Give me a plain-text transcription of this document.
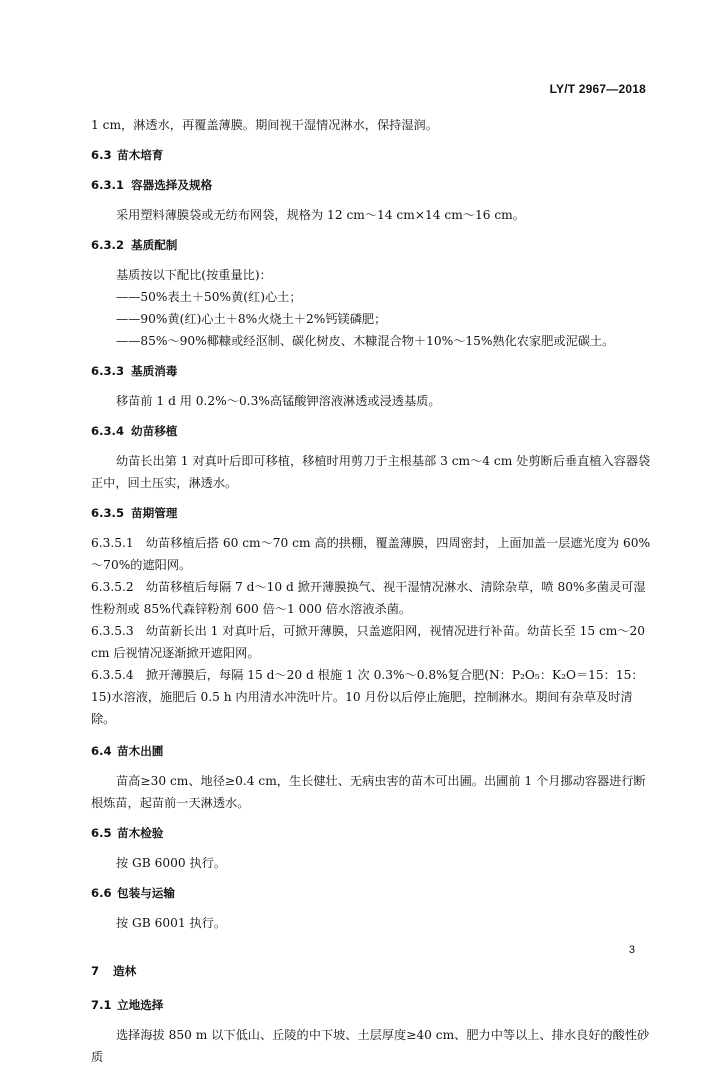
LY/T 2967—2018

1 cm，淋透水，再覆盖薄膜。期间视干湿情况淋水，保持湿润。

6.3 苗木培育

6.3.1 容器选择及规格

采用塑料薄膜袋或无纺布网袋，规格为 12 cm～14 cm×14 cm～16 cm。

6.3.2 基质配制

基质按以下配比(按重量比)：

——50%表土＋50%黄(红)心土；

——90%黄(红)心土＋8%火烧土＋2%钙镁磷肥；

——85%～90%椰糠或经沤制、碳化树皮、木糠混合物＋10%～15%熟化农家肥或泥碳土。

6.3.3 基质消毒

移苗前 1 d 用 0.2%～0.3%高锰酸钾溶液淋透或浸透基质。

6.3.4 幼苗移植

幼苗长出第 1 对真叶后即可移植，移植时用剪刀于主根基部 3 cm～4 cm 处剪断后垂直植入容器袋正中，回土压实，淋透水。

6.3.5 苗期管理

6.3.5.1　幼苗移植后搭 60 cm～70 cm 高的拱棚，覆盖薄膜，四周密封，上面加盖一层遮光度为 60%～70%的遮阳网。

6.3.5.2　幼苗移植后每隔 7 d～10 d 掀开薄膜换气、视干湿情况淋水、清除杂草，喷 80%多菌灵可湿性粉剂或 85%代森锌粉剂 600 倍～1 000 倍水溶液杀菌。

6.3.5.3　幼苗新长出 1 对真叶后，可掀开薄膜，只盖遮阳网，视情况进行补苗。幼苗长至 15 cm～20 cm 后视情况逐渐掀开遮阳网。

6.3.5.4　掀开薄膜后，每隔 15 d～20 d 根施 1 次 0.3%～0.8%复合肥(N：P₂O₅：K₂O＝15：15：15)水溶液，施肥后 0.5 h 内用清水冲洗叶片。10 月份以后停止施肥，控制淋水。期间有杂草及时清除。

6.4 苗木出圃

苗高≥30 cm、地径≥0.4 cm，生长健壮、无病虫害的苗木可出圃。出圃前 1 个月挪动容器进行断根炼苗，起苗前一天淋透水。

6.5 苗木检验

按 GB 6000 执行。

6.6 包装与运输

按 GB 6001 执行。

7 造林

7.1 立地选择

选择海拔 850 m 以下低山、丘陵的中下坡、土层厚度≥40 cm、肥力中等以上、排水良好的酸性砂质

3
